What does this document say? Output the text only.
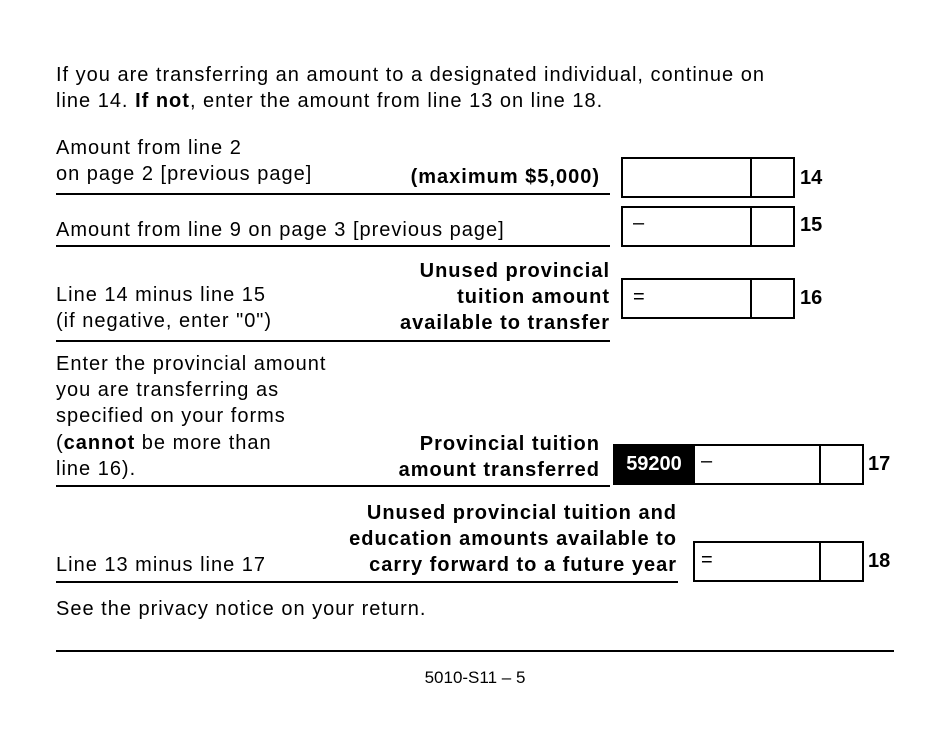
If you are transferring an amount to a designated individual, continue on
line 14. If not, enter the amount from line 13 on line 18.
Amount from line 2
on page 2 [previous page]	(maximum $5,000)	14
Amount from line 9 on page 3 [previous page]	–	15
Unused provincial
tuition amount
available to transfer
Line 14 minus line 15
(if negative, enter "0")
=	16
Enter the provincial amount
you are transferring as
specified on your forms
(cannot be more than
line 16).
Provincial tuition
amount transferred	59200 –	17
Unused provincial tuition and
education amounts available to
carry forward to a future year
Line 13 minus line 17	=	18
See the privacy notice on your return.
5010-S11 – 5
